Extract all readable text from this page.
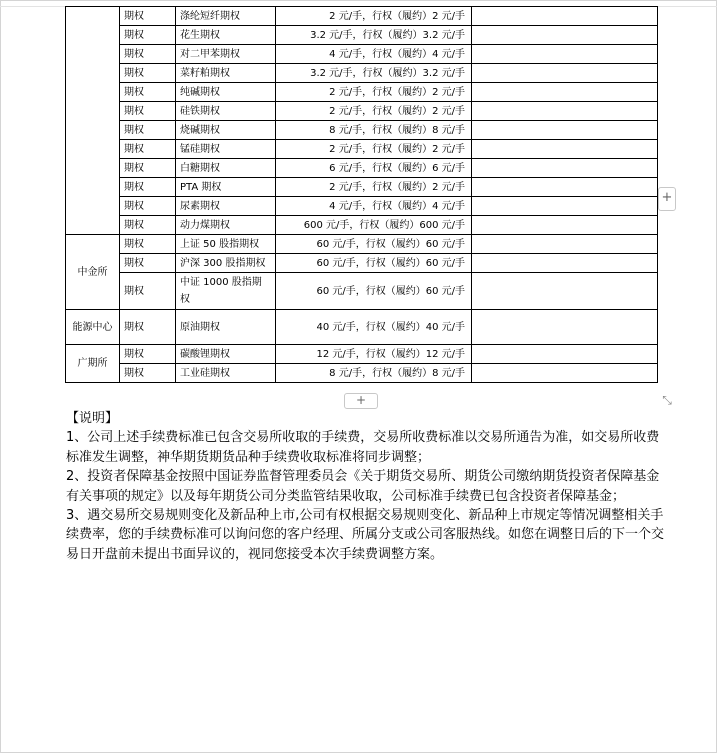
	期权	涤纶短纤期权	2 元/手，行权（履约）2 元/手	
	期权	花生期权	3.2 元/手，行权（履约）3.2 元/手	
	期权	对二甲苯期权	4 元/手，行权（履约）4 元/手	
	期权	菜籽粕期权	3.2 元/手，行权（履约）3.2 元/手	
	期权	纯碱期权	2 元/手，行权（履约）2 元/手	
	期权	硅铁期权	2 元/手，行权（履约）2 元/手	
	期权	烧碱期权	8 元/手，行权（履约）8 元/手	
	期权	锰硅期权	2 元/手，行权（履约）2 元/手	
	期权	白糖期权	6 元/手，行权（履约）6 元/手	
	期权	PTA 期权	2 元/手，行权（履约）2 元/手	
	期权	尿素期权	4 元/手，行权（履约）4 元/手	
	期权	动力煤期权	600 元/手，行权（履约）600 元/手	
中金所	期权	上证 50 股指期权	60 元/手，行权（履约）60 元/手	
	期权	沪深 300 股指期权	60 元/手，行权（履约）60 元/手	
	期权	中证 1000 股指期权	60 元/手，行权（履约）60 元/手	
能源中心	期权	原油期权	40 元/手，行权（履约）40 元/手	
广期所	期权	碳酸锂期权	12 元/手，行权（履约）12 元/手	
	期权	工业硅期权	8 元/手，行权（履约）8 元/手	
+
+	⤡

【说明】

1、公司上述手续费标准已包含交易所收取的手续费，交易所收费标准以交易所通告为准，如交易所收费标准发生调整，神华期货期货品种手续费收取标准将同步调整；

2、投资者保障基金按照中国证券监督管理委员会《关于期货交易所、期货公司缴纳期货投资者保障基金有关事项的规定》以及每年期货公司分类监管结果收取，公司标准手续费已包含投资者保障基金；

3、遇交易所交易规则变化及新品种上市,公司有权根据交易规则变化、新品种上市规定等情况调整相关手续费率，您的手续费标准可以询问您的客户经理、所属分支或公司客服热线。如您在调整日后的下一个交易日开盘前未提出书面异议的，视同您接受本次手续费调整方案。
